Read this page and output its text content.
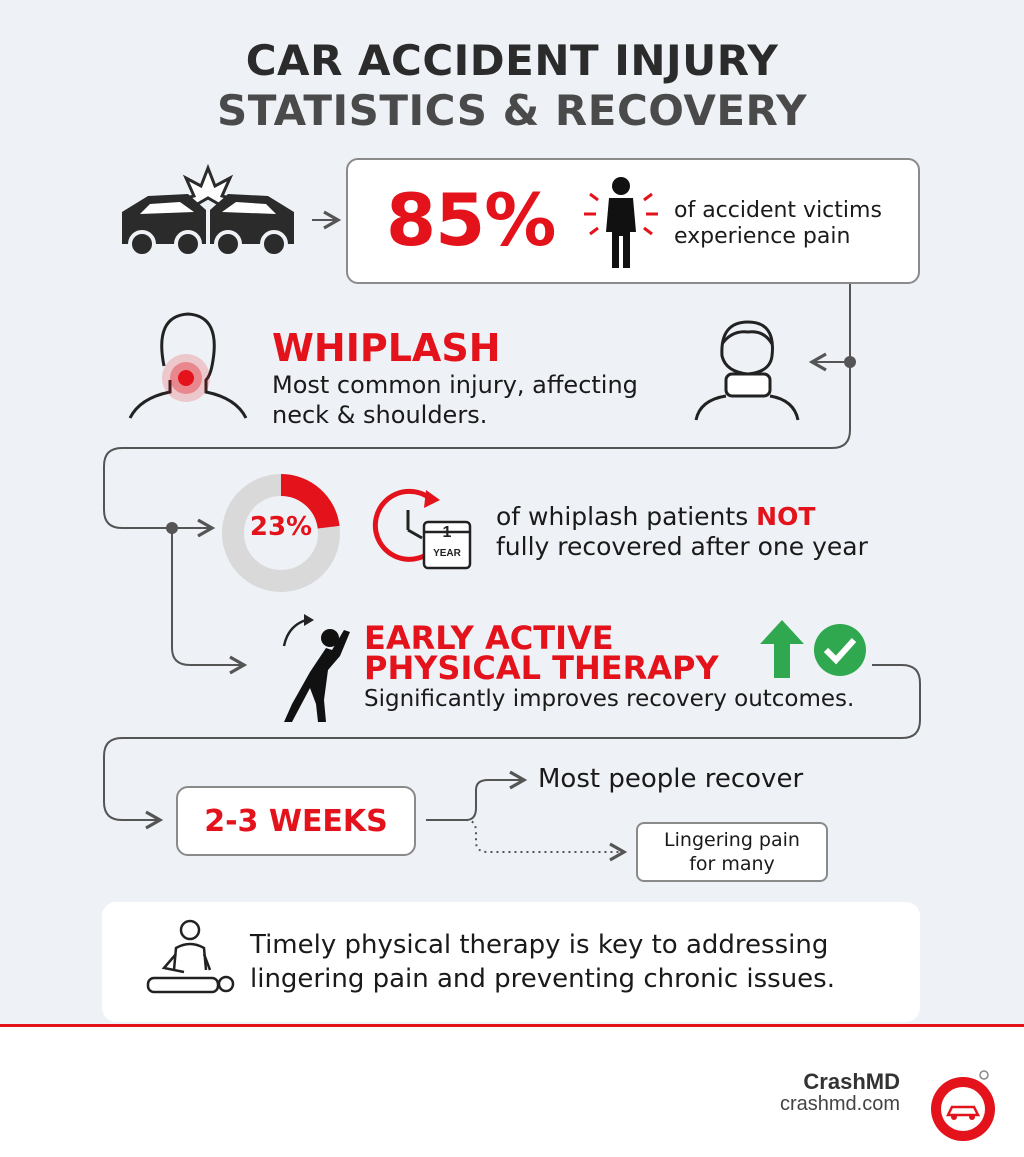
CAR ACCIDENT INJURY
STATISTICS & RECOVERY
85%	of accident victims
experience pain
WHIPLASH
Most common injury, affecting
neck & shoulders.
23%	1
YEAR
of whiplash patients NOT
fully recovered after one year
EARLY ACTIVE
PHYSICAL THERAPY
Significantly improves recovery outcomes.
2-3 WEEKS
Most people recover
Lingering pain
for many
Timely physical therapy is key to addressing
lingering pain and preventing chronic issues.
CrashMD
crashmd.com
